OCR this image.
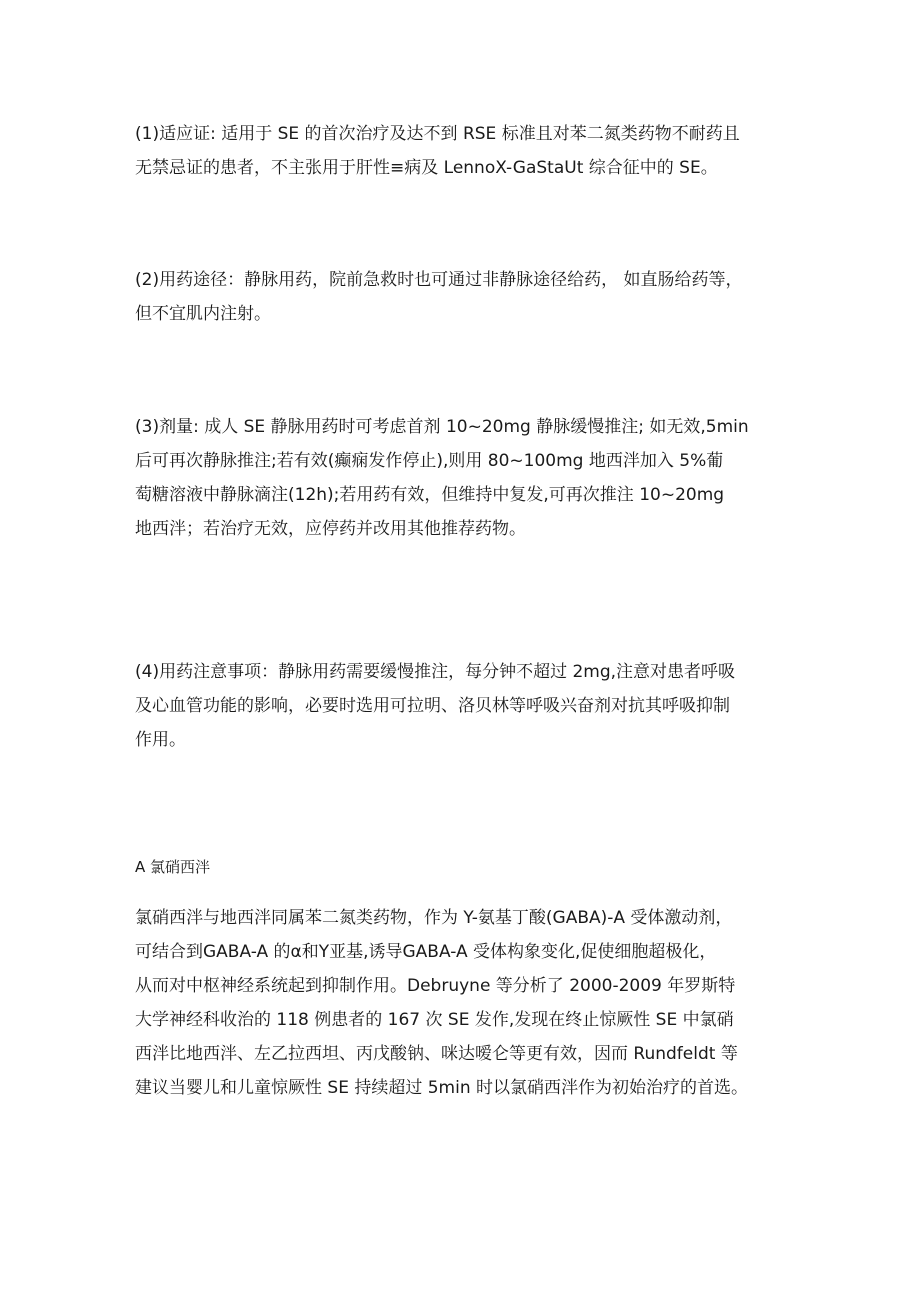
(1)适应证: 适用于 SE 的首次治疗及达不到 RSE 标准且对苯二氮类药物不耐药且
无禁忌证的患者，不主张用于肝性≡病及 LennoX-GaStaUt 综合征中的 SE。

(2)用药途径：静脉用药，院前急救时也可通过非静脉途径给药， 如直肠给药等，
但不宜肌内注射。

(3)剂量: 成人 SE 静脉用药时可考虑首剂 10~20mg 静脉缓慢推注; 如无效,5min
后可再次静脉推注;若有效(癫痫发作停止),则用 80~100mg 地西泮加入 5%葡
萄糖溶液中静脉滴注(12h);若用药有效，但维持中复发,可再次推注 10~20mg
地西泮；若治疗无效，应停药并改用其他推荐药物。

(4)用药注意事项：静脉用药需要缓慢推注，每分钟不超过 2mg,注意对患者呼吸
及心血管功能的影响，必要时选用可拉明、洛贝林等呼吸兴奋剂对抗其呼吸抑制
作用。

A 氯硝西泮

氯硝西泮与地西泮同属苯二氮类药物，作为 Y-氨基丁酸(GABA)-A 受体激动剂，
可结合到GABA-A 的α和Y亚基,诱导GABA-A 受体构象变化,促使细胞超极化，
从而对中枢神经系统起到抑制作用。Debruyne 等分析了 2000-2009 年罗斯特
大学神经科收治的 118 例患者的 167 次 SE 发作,发现在终止惊厥性 SE 中氯硝
西泮比地西泮、左乙拉西坦、丙戊酸钠、咪达嗳仑等更有效，因而 Rundfeldt 等
建议当婴儿和儿童惊厥性 SE 持续超过 5min 时以氯硝西泮作为初始治疗的首选。
